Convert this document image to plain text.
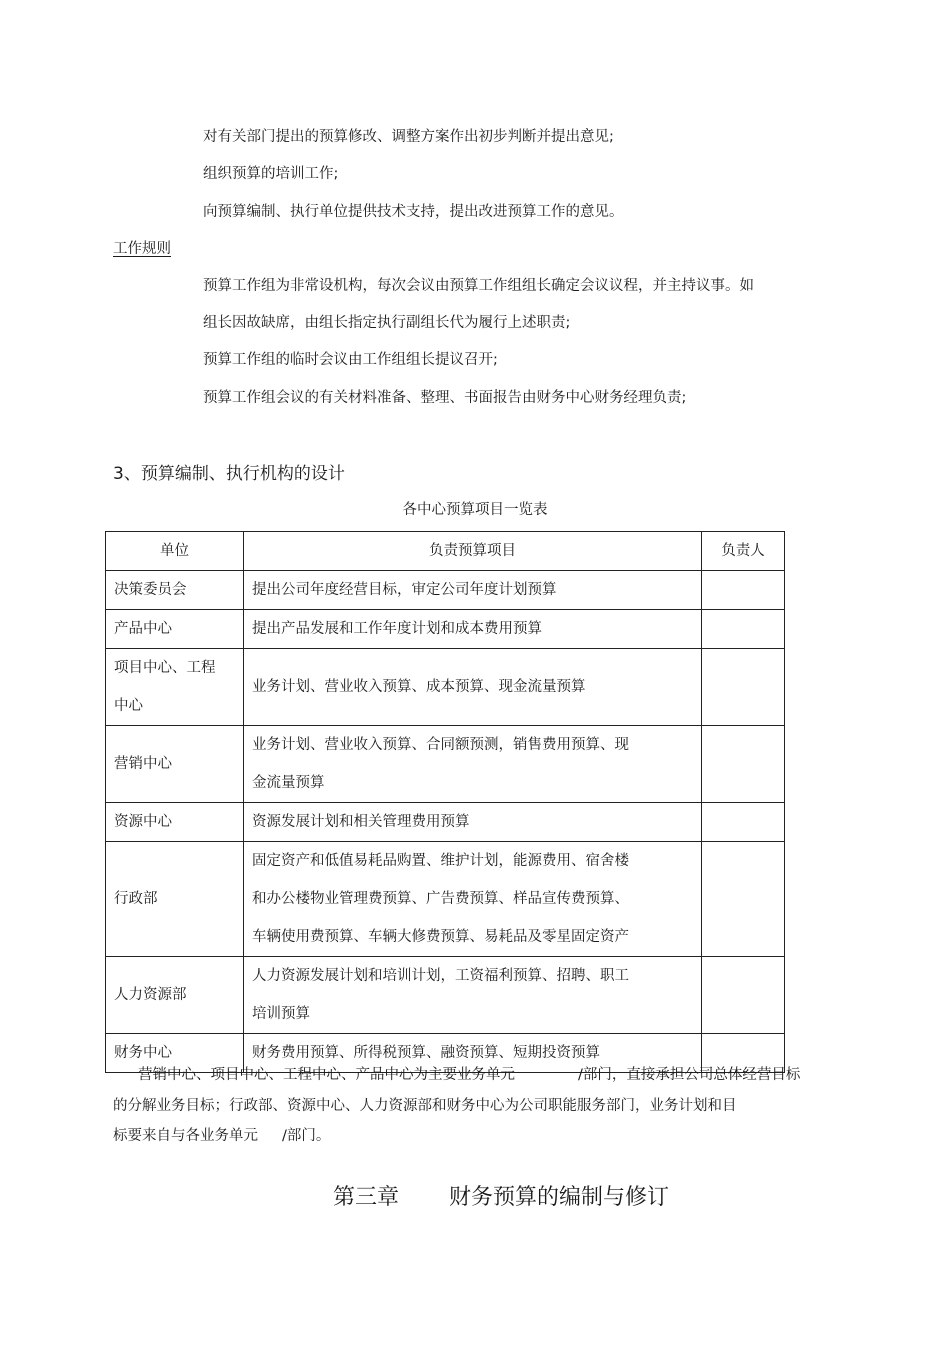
对有关部门提出的预算修改、调整方案作出初步判断并提出意见;
组织预算的培训工作;
向预算编制、执行单位提供技术支持，提出改进预算工作的意见。
工作规则
预算工作组为非常设机构，每次会议由预算工作组组长确定会议议程，并主持议事。如
组长因故缺席，由组长指定执行副组长代为履行上述职责;
预算工作组的临时会议由工作组组长提议召开;
预算工作组会议的有关材料准备、整理、书面报告由财务中心财务经理负责;
3、预算编制、执行机构的设计
各中心预算项目一览表
单位	负责预算项目	负责人

决策委员会	提出公司年度经营目标，审定公司年度计划预算	

产品中心	提出产品发展和工作年度计划和成本费用预算	

项目中心、工程
中心	业务计划、营业收入预算、成本预算、现金流量预算	

营销中心	业务计划、营业收入预算、合同额预测，销售费用预算、现
金流量预算	

资源中心	资源发展计划和相关管理费用预算	

行政部	固定资产和低值易耗品购置、维护计划，能源费用、宿舍楼
和办公楼物业管理费预算、广告费预算、样品宣传费预算、
车辆使用费预算、车辆大修费预算、易耗品及零星固定资产	

人力资源部	人力资源发展计划和培训计划，工资福利预算、招聘、职工
培训预算	

财务中心	财务费用预算、所得税预算、融资预算、短期投资预算	

营销中心、项目中心、工程中心、产品中心为主要业务单元	/部门，直接承担公司总体经营目标
的分解业务目标；行政部、资源中心、人力资源部和财务中心为公司职能服务部门，业务计划和目
标要来自与各业务单元 /部门。
第三章 财务预算的编制与修订
